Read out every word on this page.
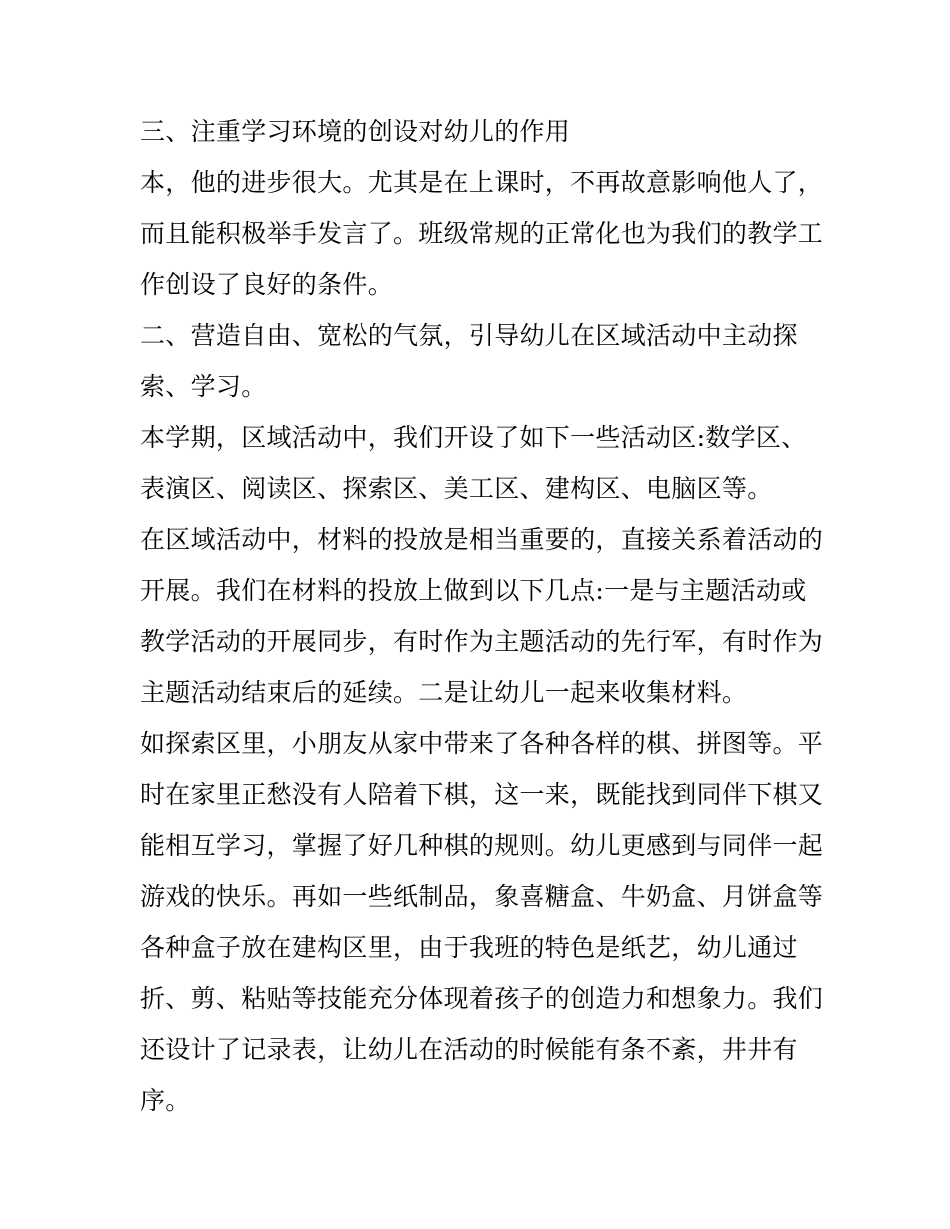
三、注重学习环境的创设对幼儿的作用
本，他的进步很大。尤其是在上课时，不再故意影响他人了，
而且能积极举手发言了。班级常规的正常化也为我们的教学工
作创设了良好的条件。
二、营造自由、宽松的气氛，引导幼儿在区域活动中主动探
索、学习。
本学期，区域活动中，我们开设了如下一些活动区:数学区、
表演区、阅读区、探索区、美工区、建构区、电脑区等。
在区域活动中，材料的投放是相当重要的，直接关系着活动的
开展。我们在材料的投放上做到以下几点:一是与主题活动或
教学活动的开展同步，有时作为主题活动的先行军，有时作为
主题活动结束后的延续。二是让幼儿一起来收集材料。
如探索区里，小朋友从家中带来了各种各样的棋、拼图等。平
时在家里正愁没有人陪着下棋，这一来，既能找到同伴下棋又
能相互学习，掌握了好几种棋的规则。幼儿更感到与同伴一起
游戏的快乐。再如一些纸制品，象喜糖盒、牛奶盒、月饼盒等
各种盒子放在建构区里，由于我班的特色是纸艺，幼儿通过
折、剪、粘贴等技能充分体现着孩子的创造力和想象力。我们
还设计了记录表，让幼儿在活动的时候能有条不紊，井井有
序。
